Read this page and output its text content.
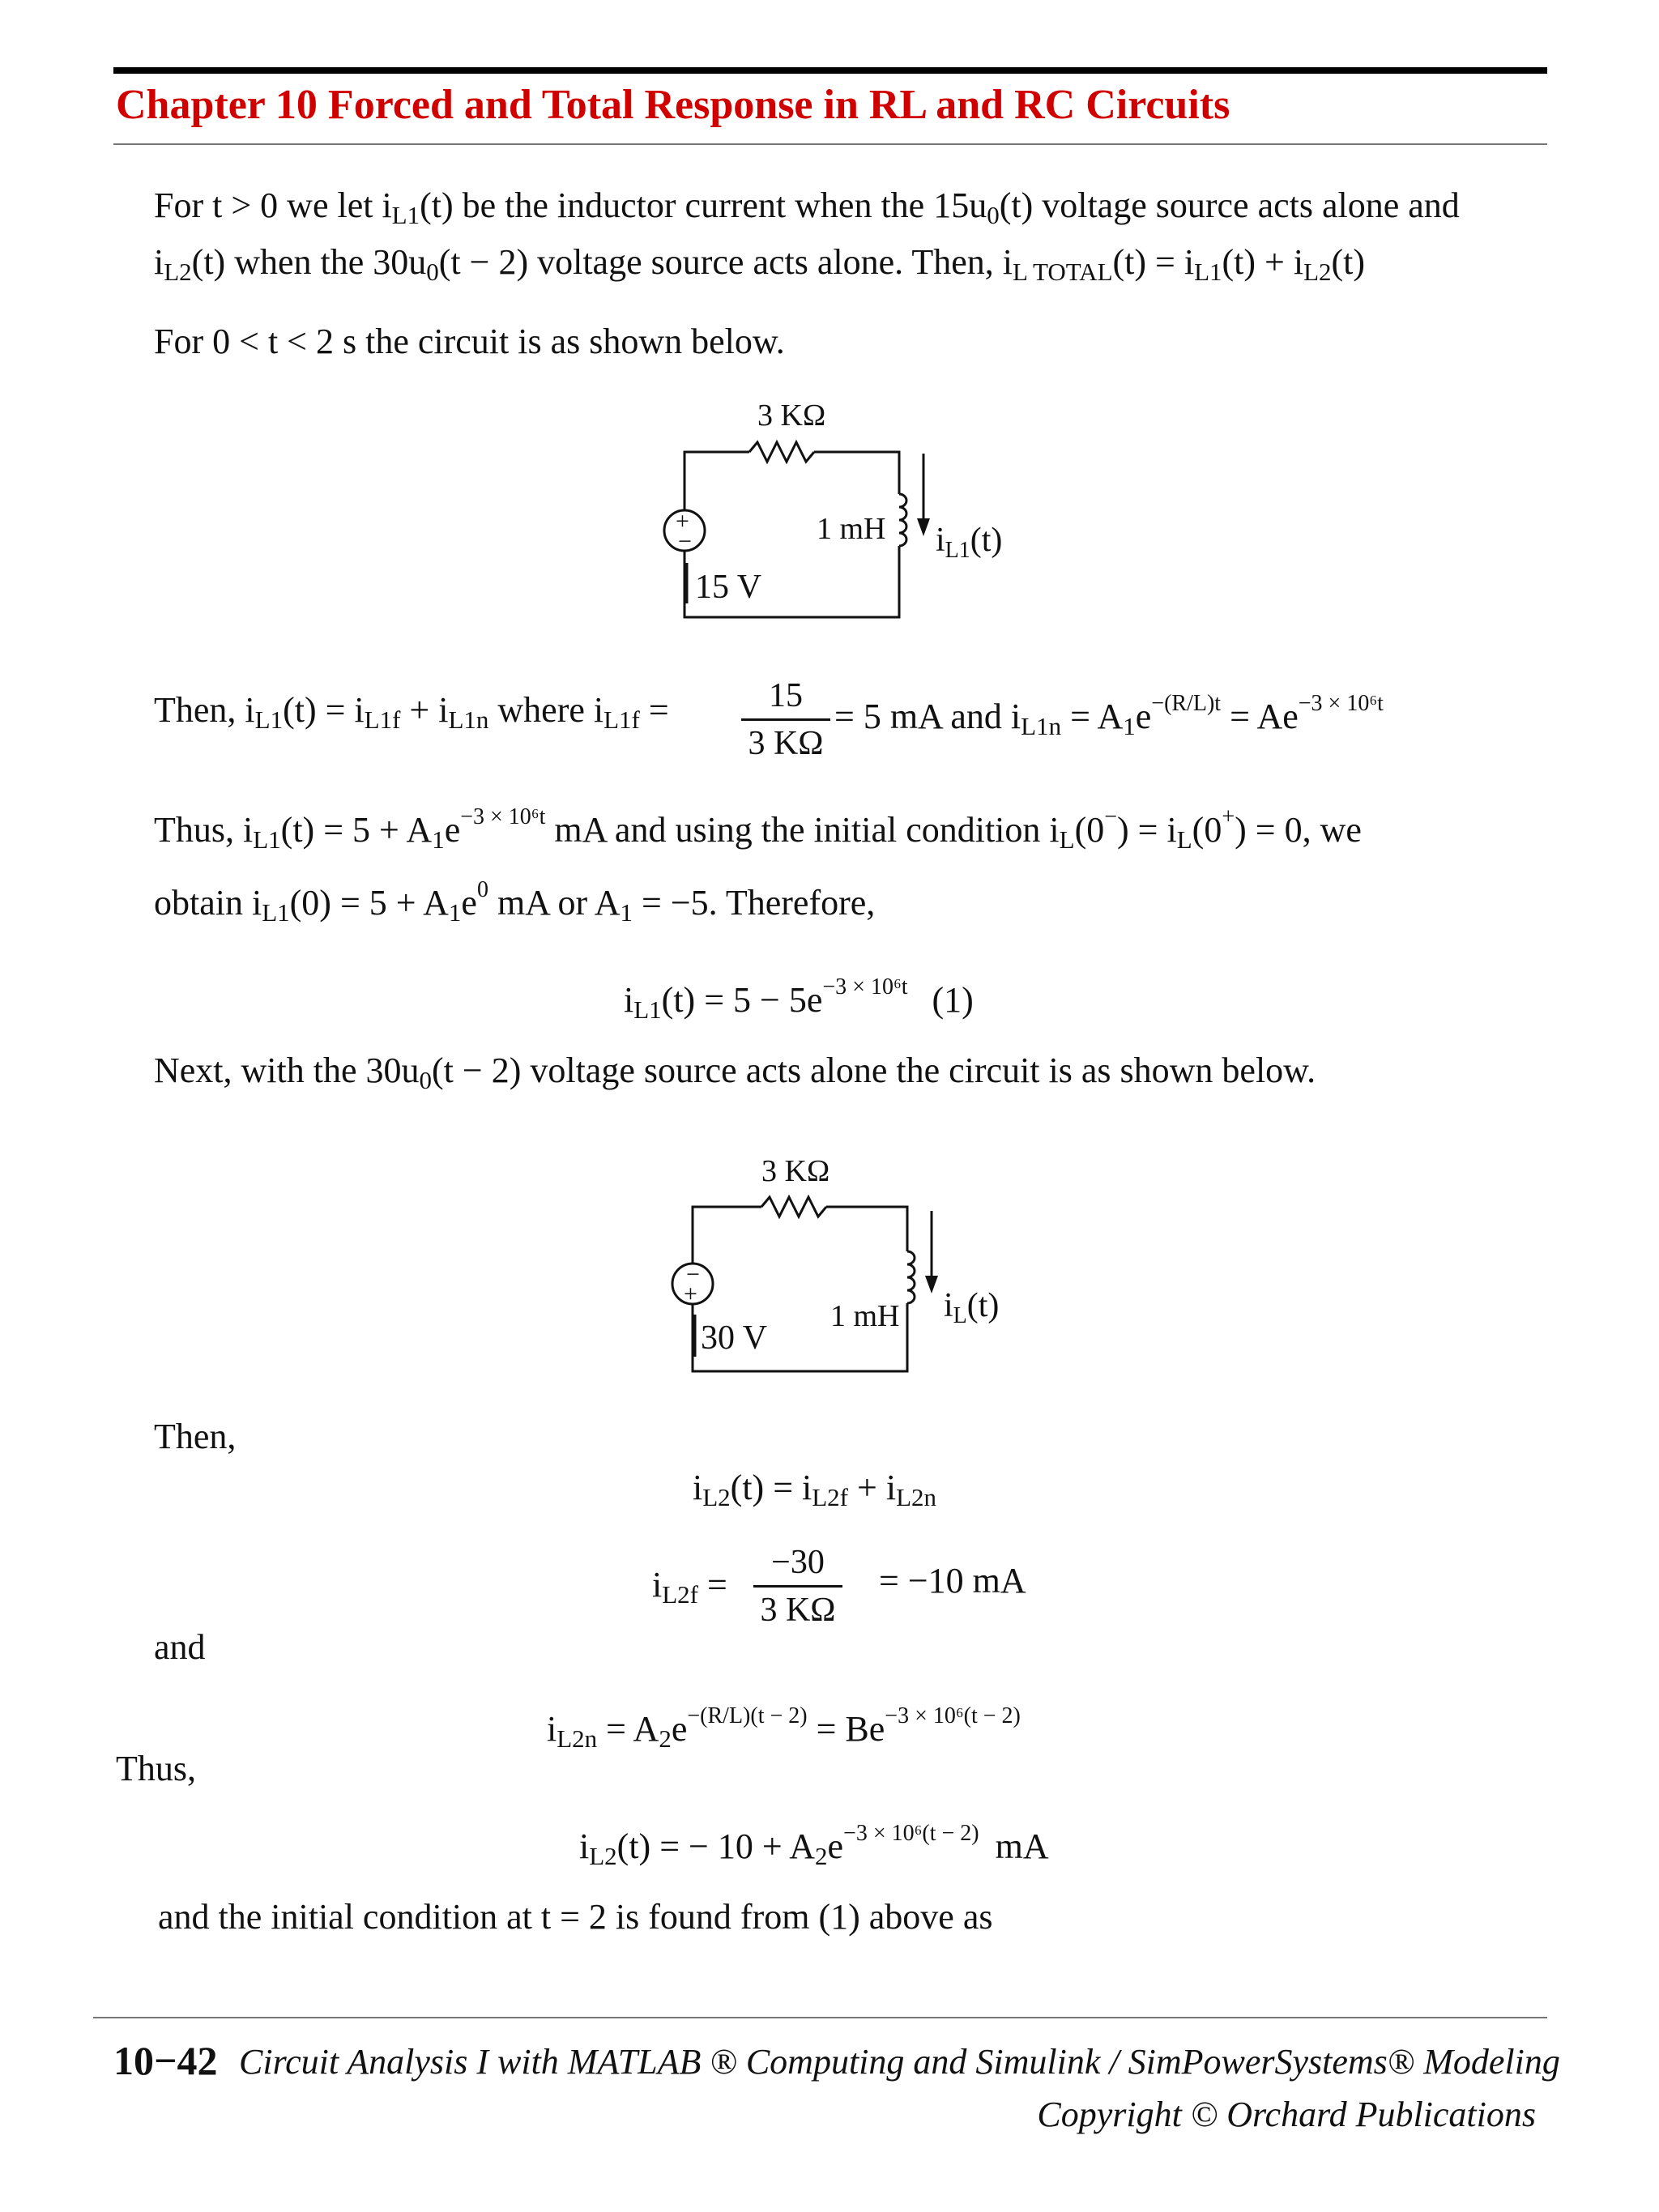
Chapter 10 Forced and Total Response in RL and RC Circuits
For t > 0 we let $i_{L1}(t)$ be the inductor current when the $15u_0(t)$ voltage source acts alone and
$i_{L2}(t)$ when the $30u_0(t - 2)$ voltage source acts alone. Then, $i_{L TOTAL}(t) = i_{L1}(t) + i_{L2}(t)$
For 0 < t < 2 s the circuit is as shown below.
+
−
3 KΩ
1 mH iL1(t)
15 V
Then, $i_{L1}(t) = i_{L1f} + i_{L1n}$ where $i_{L1f}$ =	15
3 KΩ
= 5 mA and $i_{L1n} = A_1e^{-(R/L)t} = Ae^{-3 \times 10^6t}$
Thus, $i_{L1}(t) = 5 + A_1e^{-3 \times 10^6t}$ mA and using the initial condition $i_L(0^-) = i_L(0^+) = 0$, we
obtain $i_{L1}(0) = 5 + A_1e^0$ mA or $A_1 = -5$. Therefore,
$i_{L1}(t) = 5 - 5e^{-3 \times 10^6t}$ (1)
Next, with the $30u_0(t - 2)$ voltage source acts alone the circuit is as shown below.
−
+
3 KΩ
1 mH iL(t)
30 V
Then,
$i_{L2}(t) = i_{L2f} + i_{L2n}$
$i_{L2f}$ =
−30
3 KΩ
= −10 mA
and
$i_{L2n} = A_2e^{-(R/L)(t - 2)} = Be^{-3 \times 10^6(t - 2)}$
Thus,
$i_{L2}(t)$ = − $10 + A_2e^{-3 \times 10^6(t - 2)}$ mA
and the initial condition at t = 2 is found from (1) above as
10−42 Circuit Analysis I with MATLAB ® Computing and Simulink / SimPowerSystems® Modeling
Copyright © Orchard Publications
